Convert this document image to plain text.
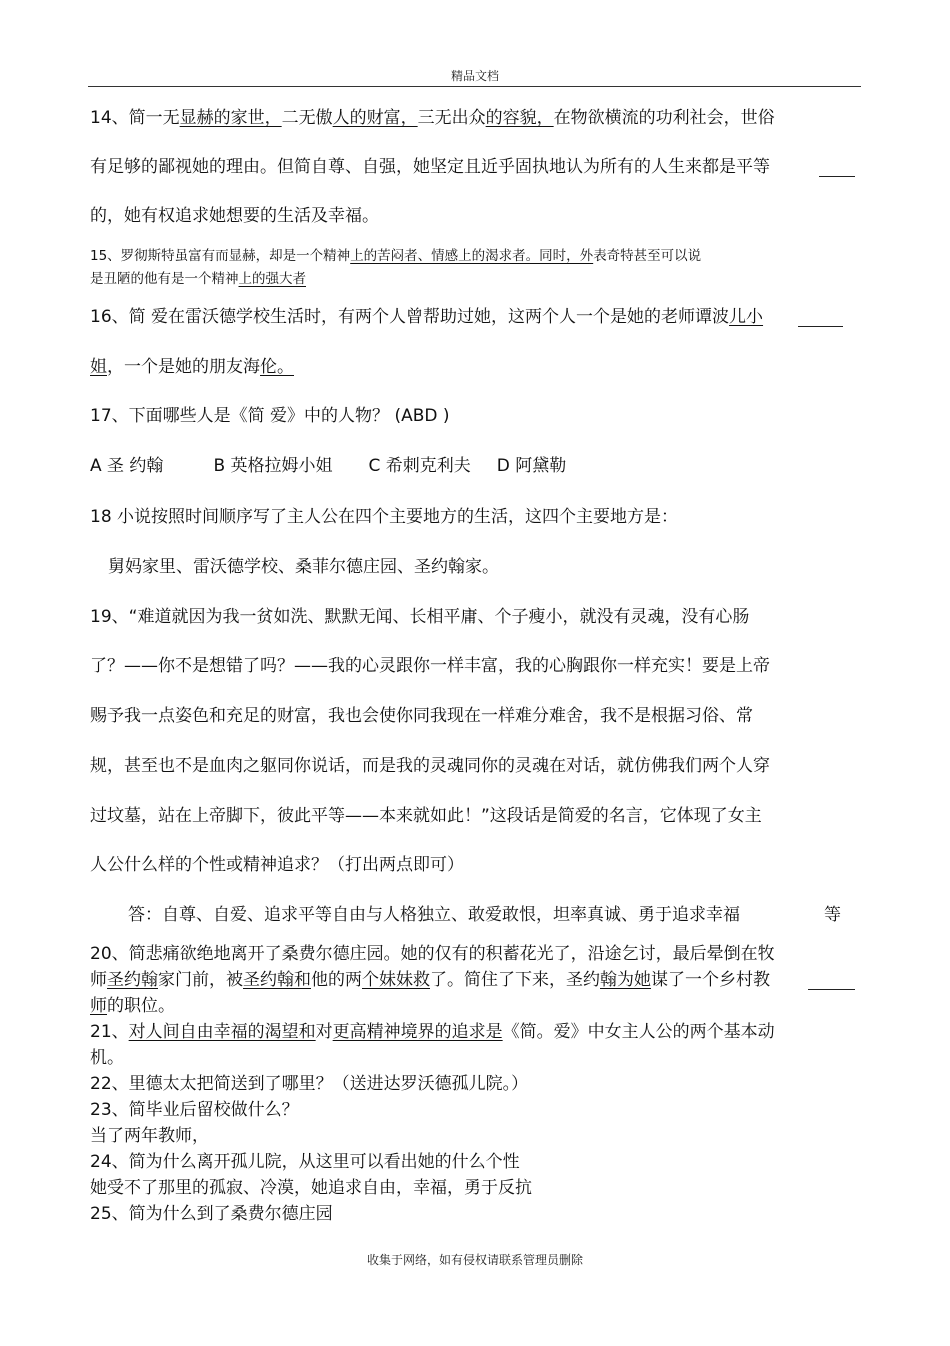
精品文档
14、简一无显赫的家世，二无傲人的财富，三无出众的容貌，在物欲横流的功利社会，世俗
有足够的鄙视她的理由。但简自尊、自强，她坚定且近乎固执地认为所有的人生来都是平等
的，她有权追求她想要的生活及幸福。
15、罗彻斯特虽富有而显赫，却是一个精神上的苦闷者、情感上的渴求者。同时，外表奇特甚至可以说
是丑陋的他有是一个精神上的强大者
16、简 爱在雷沃德学校生活时，有两个人曾帮助过她，这两个人一个是她的老师谭波儿小
姐，一个是她的朋友海伦。
17、下面哪些人是《简 爱》中的人物？ (ABD )
A 圣 约翰	B 英格拉姆小姐 C 希刺克利夫 D 阿黛勒
18 小说按照时间顺序写了主人公在四个主要地方的生活，这四个主要地方是：
舅妈家里、雷沃德学校、桑菲尔德庄园、圣约翰家。
19、“难道就因为我一贫如洗、默默无闻、长相平庸、个子瘦小，就没有灵魂，没有心肠
了？——你不是想错了吗？——我的心灵跟你一样丰富，我的心胸跟你一样充实！要是上帝
赐予我一点姿色和充足的财富，我也会使你同我现在一样难分难舍，我不是根据习俗、常
规，甚至也不是血肉之躯同你说话，而是我的灵魂同你的灵魂在对话，就仿佛我们两个人穿
过坟墓，站在上帝脚下，彼此平等——本来就如此！”这段话是简爱的名言，它体现了女主
人公什么样的个性或精神追求？（打出两点即可）
答：自尊、自爱、追求平等自由与人格独立、敢爱敢恨，坦率真诚、勇于追求幸福	等
20、简悲痛欲绝地离开了桑费尔德庄园。她的仅有的积蓄花光了，沿途乞讨，最后晕倒在牧
师圣约翰家门前，被圣约翰和他的两个妹妹救了。简住了下来，圣约翰为她谋了一个乡村教
师的职位。
21、对人间自由幸福的渴望和对更高精神境界的追求是《简。爱》中女主人公的两个基本动
机。
22、里德太太把简送到了哪里？（送进达罗沃德孤儿院。）
23、简毕业后留校做什么？
当了两年教师，
24、简为什么离开孤儿院，从这里可以看出她的什么个性
她受不了那里的孤寂、冷漠，她追求自由，幸福，勇于反抗
25、简为什么到了桑费尔德庄园
收集于网络，如有侵权请联系管理员删除
